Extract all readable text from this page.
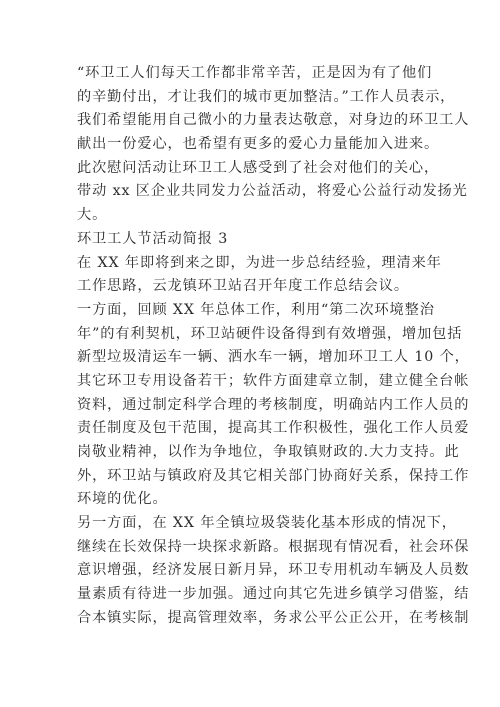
“环卫工人们每天工作都非常辛苦，正是因为有了他们
的辛勤付出，才让我们的城市更加整洁。”工作人员表示，
我们希望能用自己微小的力量表达敬意，对身边的环卫工人
献出一份爱心，也希望有更多的爱心力量能加入进来。
此次慰问活动让环卫工人感受到了社会对他们的关心，
带动 xx 区企业共同发力公益活动，将爱心公益行动发扬光
大。
环卫工人节活动简报 3
在 XX 年即将到来之即，为进一步总结经验，理清来年
工作思路，云龙镇环卫站召开年度工作总结会议。
一方面，回顾 XX 年总体工作，利用“第二次环境整治
年”的有利契机，环卫站硬件设备得到有效增强，增加包括
新型垃圾清运车一辆、洒水车一辆，增加环卫工人 10 个，
其它环卫专用设备若干；软件方面建章立制，建立健全台帐
资料，通过制定科学合理的考核制度，明确站内工作人员的
责任制度及包干范围，提高其工作积极性，强化工作人员爱
岗敬业精神，以作为争地位，争取镇财政的.大力支持。此
外，环卫站与镇政府及其它相关部门协商好关系，保持工作
环境的优化。
另一方面，在 XX 年全镇垃圾袋装化基本形成的情况下，
继续在长效保持一块探求新路。根据现有情况看，社会环保
意识增强，经济发展日新月异，环卫专用机动车辆及人员数
量素质有待进一步加强。通过向其它先进乡镇学习借鉴，结
合本镇实际，提高管理效率，务求公平公正公开，在考核制
